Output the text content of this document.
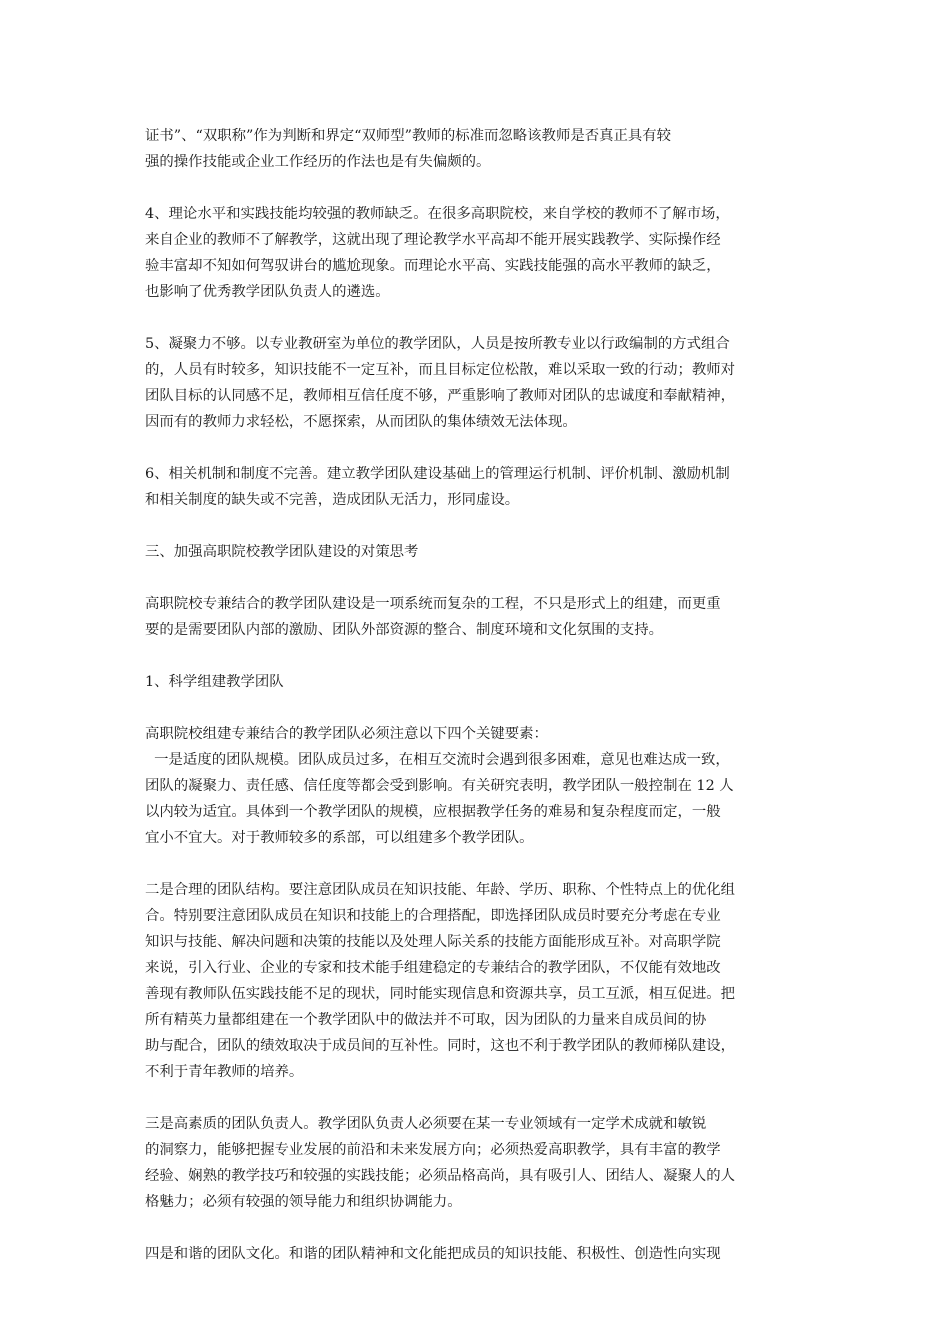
证书”、“双职称”作为判断和界定“双师型”教师的标准而忽略该教师是否真正具有较
强的操作技能或企业工作经历的作法也是有失偏颇的。

4、理论水平和实践技能均较强的教师缺乏。在很多高职院校，来自学校的教师不了解市场，
来自企业的教师不了解教学，这就出现了理论教学水平高却不能开展实践教学、实际操作经
验丰富却不知如何驾驭讲台的尴尬现象。而理论水平高、实践技能强的高水平教师的缺乏，
也影响了优秀教学团队负责人的遴选。

5、凝聚力不够。以专业教研室为单位的教学团队，人员是按所教专业以行政编制的方式组合
的，人员有时较多，知识技能不一定互补，而且目标定位松散，难以采取一致的行动；教师对
团队目标的认同感不足，教师相互信任度不够，严重影响了教师对团队的忠诚度和奉献精神，
因而有的教师力求轻松，不愿探索，从而团队的集体绩效无法体现。

6、相关机制和制度不完善。建立教学团队建设基础上的管理运行机制、评价机制、激励机制
和相关制度的缺失或不完善，造成团队无活力，形同虚设。

三、加强高职院校教学团队建设的对策思考

高职院校专兼结合的教学团队建设是一项系统而复杂的工程，不只是形式上的组建，而更重
要的是需要团队内部的激励、团队外部资源的整合、制度环境和文化氛围的支持。

1、科学组建教学团队

高职院校组建专兼结合的教学团队必须注意以下四个关键要素：
一是适度的团队规模。团队成员过多，在相互交流时会遇到很多困难，意见也难达成一致，
团队的凝聚力、责任感、信任度等都会受到影响。有关研究表明，教学团队一般控制在 12 人
以内较为适宜。具体到一个教学团队的规模，应根据教学任务的难易和复杂程度而定，一般
宜小不宜大。对于教师较多的系部，可以组建多个教学团队。

二是合理的团队结构。要注意团队成员在知识技能、年龄、学历、职称、个性特点上的优化组
合。特别要注意团队成员在知识和技能上的合理搭配，即选择团队成员时要充分考虑在专业
知识与技能、解决问题和决策的技能以及处理人际关系的技能方面能形成互补。对高职学院
来说，引入行业、企业的专家和技术能手组建稳定的专兼结合的教学团队，不仅能有效地改
善现有教师队伍实践技能不足的现状，同时能实现信息和资源共享，员工互派，相互促进。把
所有精英力量都组建在一个教学团队中的做法并不可取，因为团队的力量来自成员间的协
助与配合，团队的绩效取决于成员间的互补性。同时，这也不利于教学团队的教师梯队建设，
不利于青年教师的培养。

三是高素质的团队负责人。教学团队负责人必须要在某一专业领域有一定学术成就和敏锐
的洞察力，能够把握专业发展的前沿和未来发展方向；必须热爱高职教学，具有丰富的教学
经验、娴熟的教学技巧和较强的实践技能；必须品格高尚，具有吸引人、团结人、凝聚人的人
格魅力；必须有较强的领导能力和组织协调能力。

四是和谐的团队文化。和谐的团队精神和文化能把成员的知识技能、积极性、创造性向实现
